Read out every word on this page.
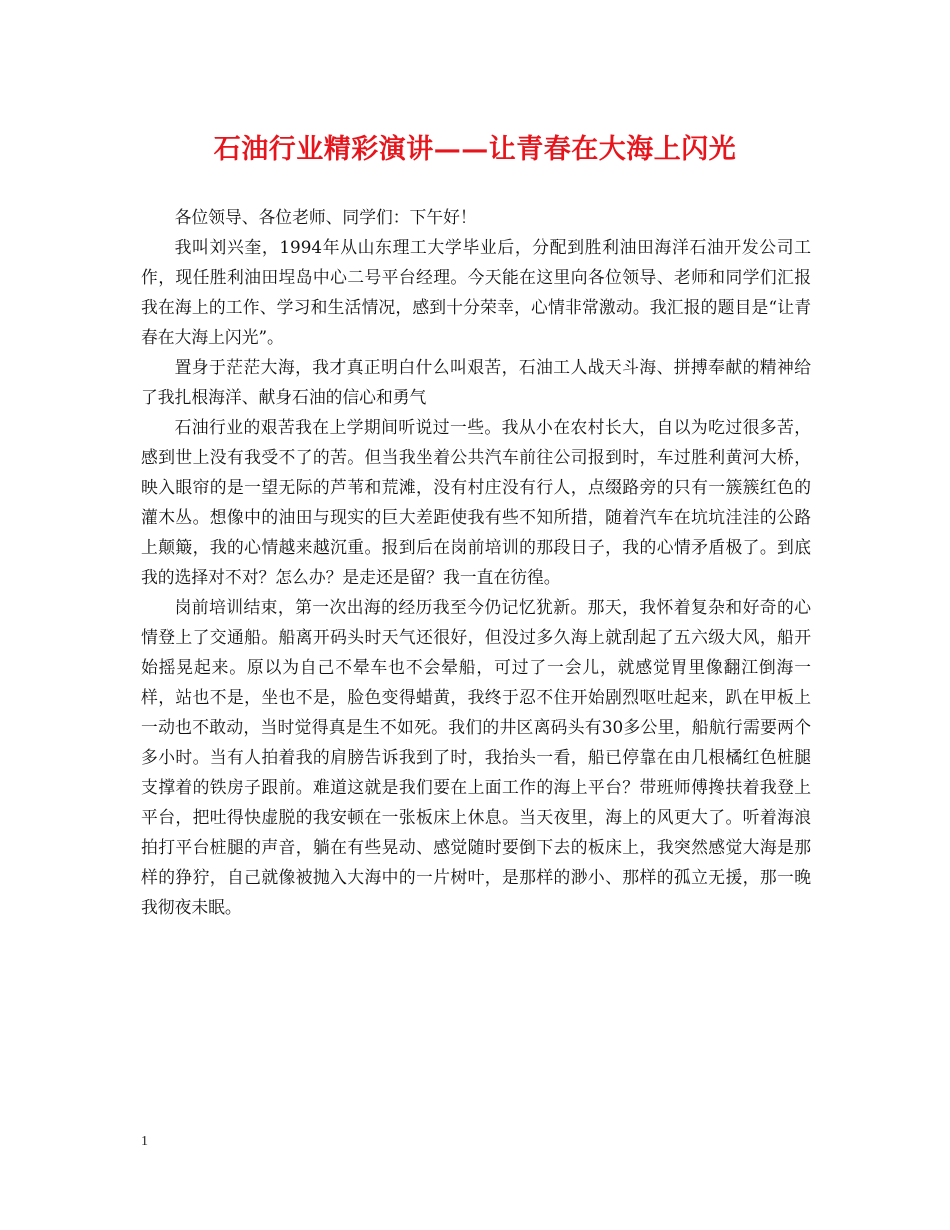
石油行业精彩演讲——让青春在大海上闪光

各位领导、各位老师、同学们：下午好！

我叫刘兴奎，1994年从山东理工大学毕业后，分配到胜利油田海洋石油开发公司工作，现任胜利油田埕岛中心二号平台经理。今天能在这里向各位领导、老师和同学们汇报我在海上的工作、学习和生活情况，感到十分荣幸，心情非常激动。我汇报的题目是“让青春在大海上闪光”。

置身于茫茫大海，我才真正明白什么叫艰苦，石油工人战天斗海、拼搏奉献的精神给了我扎根海洋、献身石油的信心和勇气

石油行业的艰苦我在上学期间听说过一些。我从小在农村长大，自以为吃过很多苦，感到世上没有我受不了的苦。但当我坐着公共汽车前往公司报到时，车过胜利黄河大桥，映入眼帘的是一望无际的芦苇和荒滩，没有村庄没有行人，点缀路旁的只有一簇簇红色的灌木丛。想像中的油田与现实的巨大差距使我有些不知所措，随着汽车在坑坑洼洼的公路上颠簸，我的心情越来越沉重。报到后在岗前培训的那段日子，我的心情矛盾极了。到底我的选择对不对？怎么办？是走还是留？我一直在彷徨。

岗前培训结束，第一次出海的经历我至今仍记忆犹新。那天，我怀着复杂和好奇的心情登上了交通船。船离开码头时天气还很好，但没过多久海上就刮起了五六级大风，船开始摇晃起来。原以为自己不晕车也不会晕船，可过了一会儿，就感觉胃里像翻江倒海一样，站也不是，坐也不是，脸色变得蜡黄，我终于忍不住开始剧烈呕吐起来，趴在甲板上一动也不敢动，当时觉得真是生不如死。我们的井区离码头有30多公里，船航行需要两个多小时。当有人拍着我的肩膀告诉我到了时，我抬头一看，船已停靠在由几根橘红色桩腿支撑着的铁房子跟前。难道这就是我们要在上面工作的海上平台？带班师傅搀扶着我登上平台，把吐得快虚脱的我安顿在一张板床上休息。当天夜里，海上的风更大了。听着海浪拍打平台桩腿的声音，躺在有些晃动、感觉随时要倒下去的板床上，我突然感觉大海是那样的狰狞，自己就像被抛入大海中的一片树叶，是那样的渺小、那样的孤立无援，那一晚我彻夜未眠。

1
